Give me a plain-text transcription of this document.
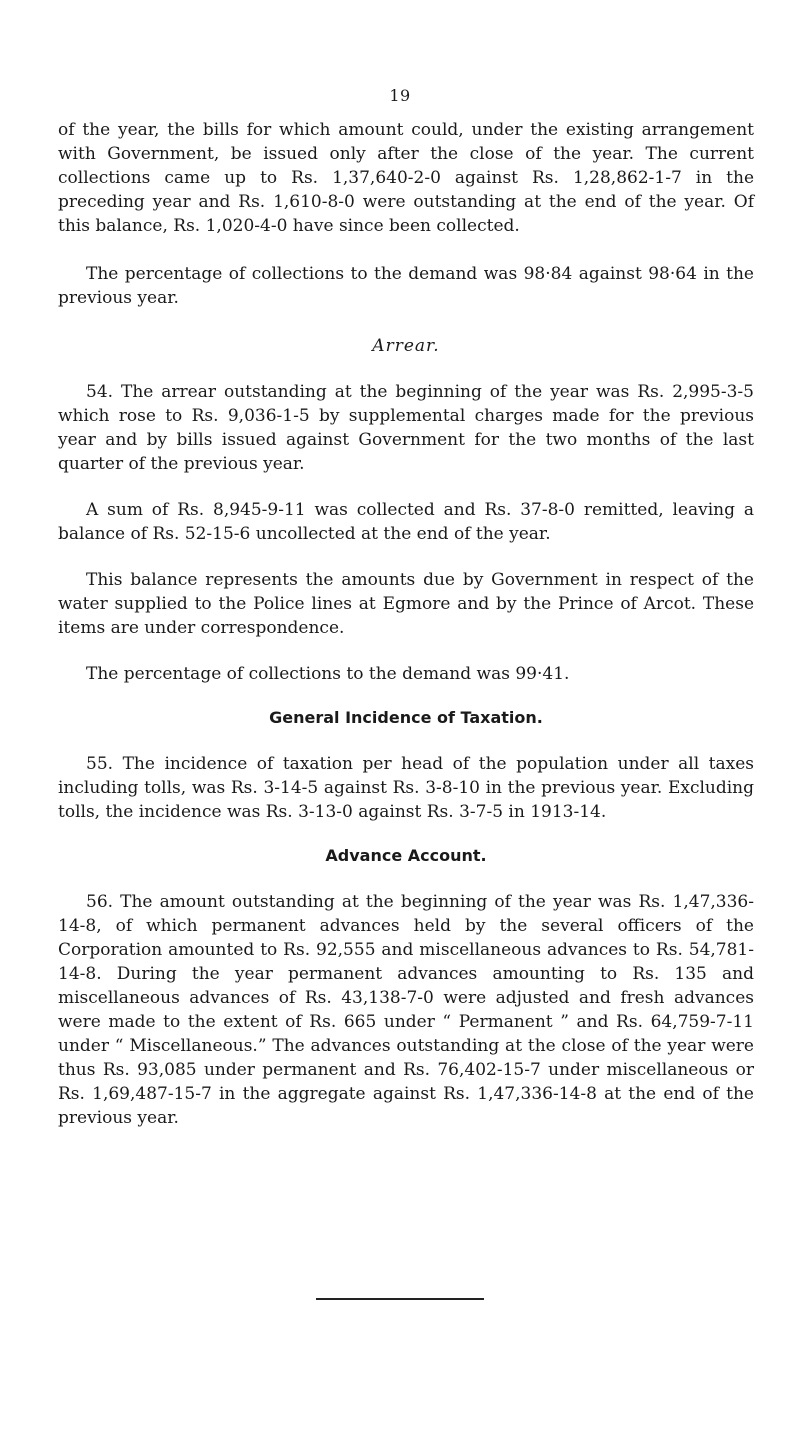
19

of the year, the bills for which amount could, under the existing arrangement with Government, be issued only after the close of the year. The current collections came up to Rs. 1,37,640-2-0 against Rs. 1,28,862-1-7 in the preceding year and Rs. 1,610-8-0 were outstanding at the end of the year. Of this balance, Rs. 1,020-4-0 have since been collected.

The percentage of collections to the demand was 98·84 against 98·64 in the previous year.

Arrear.

54. The arrear outstanding at the beginning of the year was Rs. 2,995-3-5 which rose to Rs. 9,036-1-5 by supplemental charges made for the previous year and by bills issued against Government for the two months of the last quarter of the previous year.

A sum of Rs. 8,945-9-11 was collected and Rs. 37-8-0 remitted, leaving a balance of Rs. 52-15-6 uncollected at the end of the year.

This balance represents the amounts due by Government in respect of the water supplied to the Police lines at Egmore and by the Prince of Arcot. These items are under correspondence.

The percentage of collections to the demand was 99·41.

General Incidence of Taxation.

55. The incidence of taxation per head of the population under all taxes including tolls, was Rs. 3-14-5 against Rs. 3-8-10 in the previous year. Excluding tolls, the incidence was Rs. 3-13-0 against Rs. 3-7-5 in 1913-14.

Advance Account.

56. The amount outstanding at the beginning of the year was Rs. 1,47,336-14-8, of which permanent advances held by the several officers of the Corporation amounted to Rs. 92,555 and miscellaneous advances to Rs. 54,781-14-8. During the year permanent advances amounting to Rs. 135 and miscellaneous advances of Rs. 43,138-7-0 were adjusted and fresh advances were made to the extent of Rs. 665 under “ Permanent ” and Rs. 64,759-7-11 under “ Miscellaneous.” The advances outstanding at the close of the year were thus Rs. 93,085 under permanent and Rs. 76,402-15-7 under miscellaneous or Rs. 1,69,487-15-7 in the aggregate against Rs. 1,47,336-14-8 at the end of the previous year.
